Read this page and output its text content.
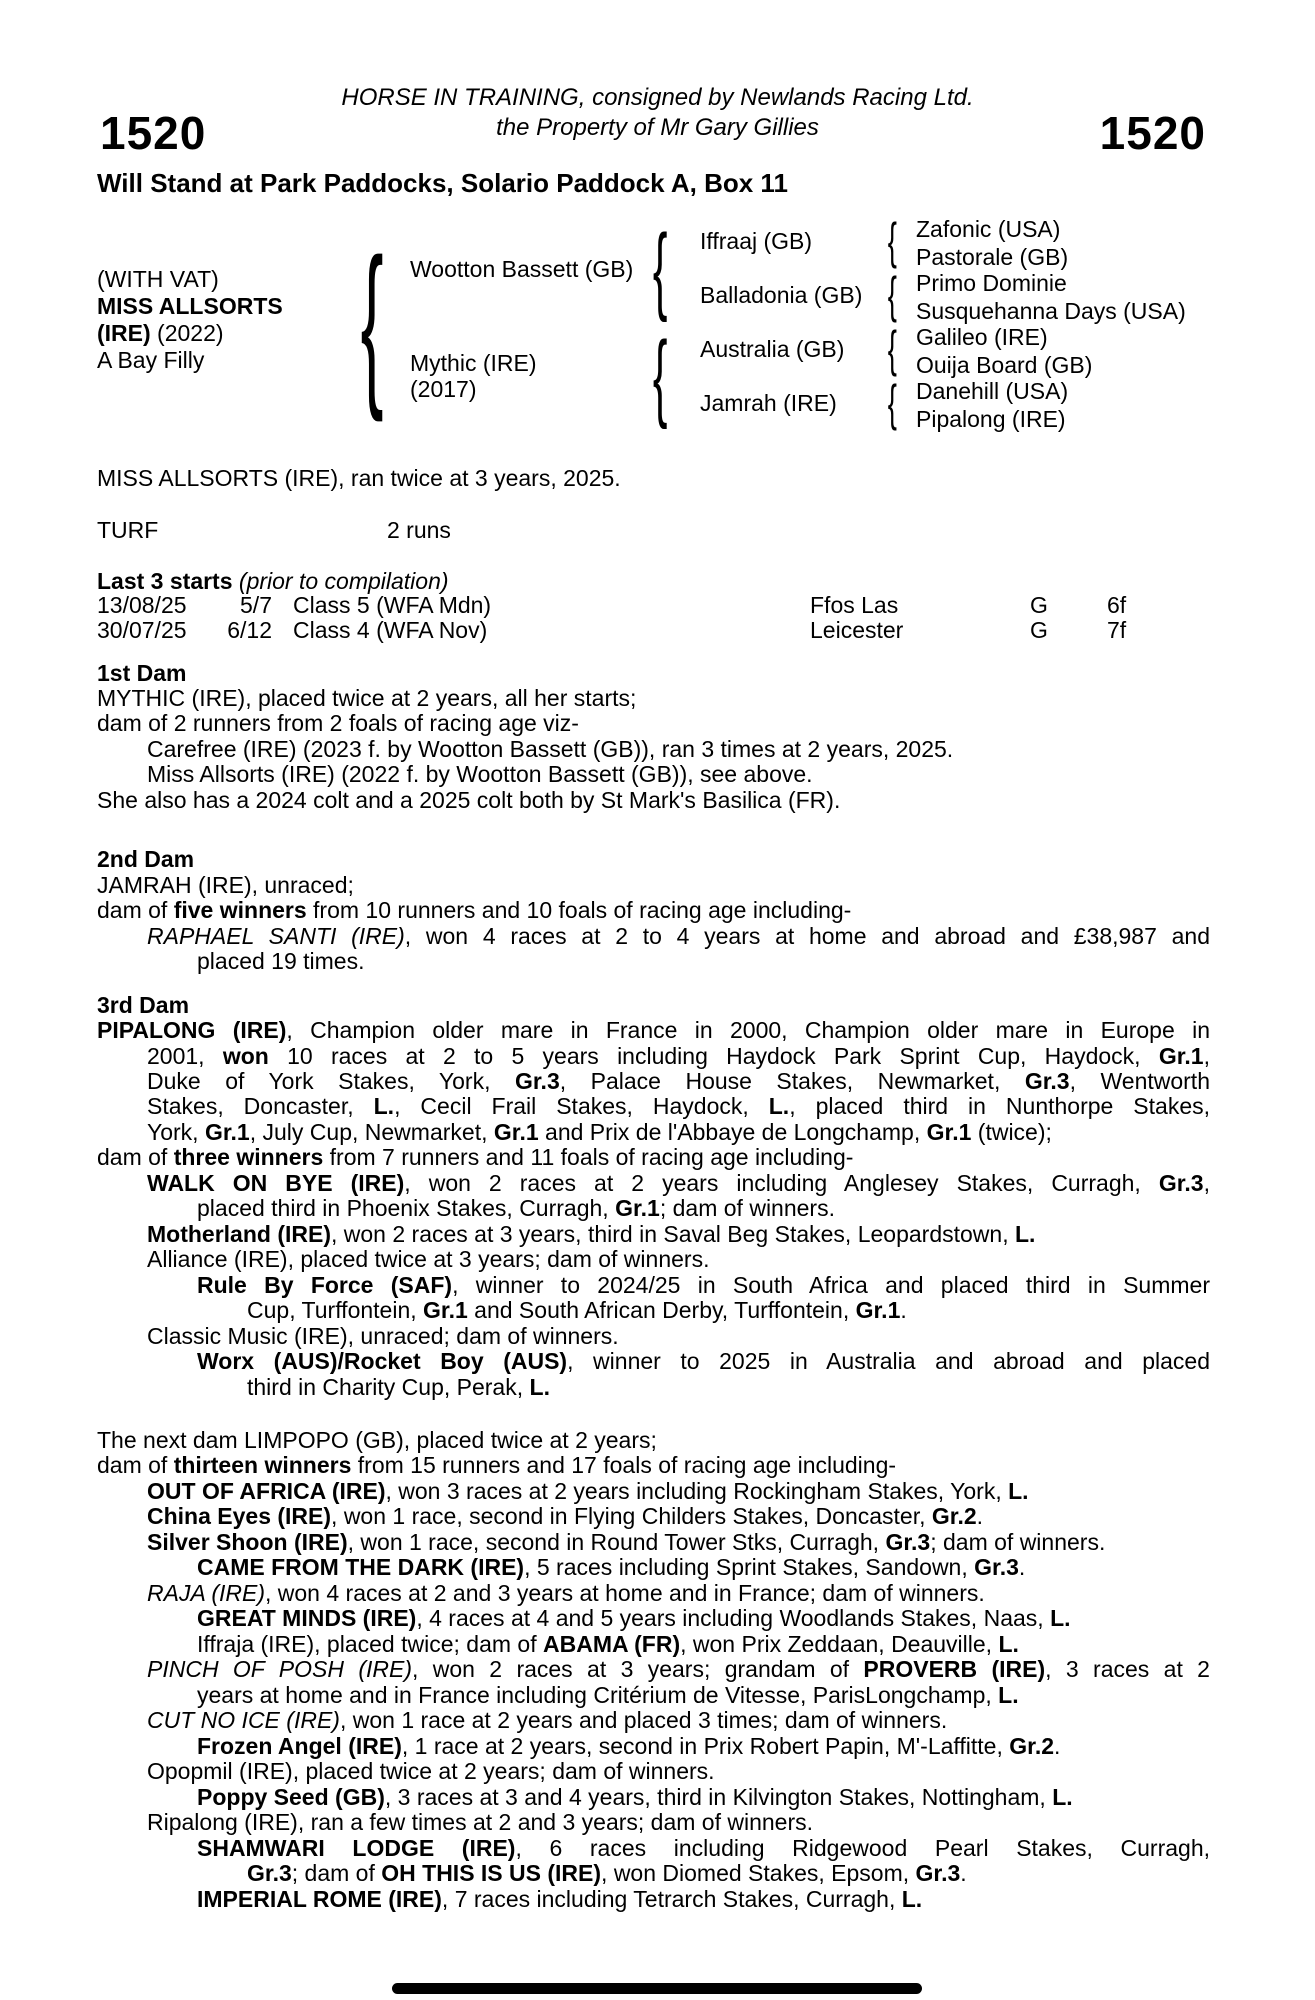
HORSE IN TRAINING, consigned by Newlands Racing Ltd.
1520	the Property of Mr Gary Gillies	1520
Will Stand at Park Paddocks, Solario Paddock A, Box 11
(WITH VAT)
MISS ALLSORTS
(IRE) (2022)
A Bay Filly { Wootton Bassett (GB)
Mythic (IRE)
(2017)
{
{
Iffraaj (GB)
Balladonia (GB)
Australia (GB)
Jamrah (IRE)
{
{
{
{
Zafonic (USA)
Pastorale (GB)
Primo Dominie
Susquehanna Days (USA)
Galileo (IRE)
Ouija Board (GB)
Danehill (USA)
Pipalong (IRE)
MISS ALLSORTS (IRE), ran twice at 3 years, 2025.
TURF	2 runs
Last 3 starts (prior to compilation)
13/08/25	5/7 Class 5 (WFA Mdn)	Ffos Las	G	6f
30/07/25	6/12 Class 4 (WFA Nov)	Leicester	G	7f
1st Dam
MYTHIC (IRE), placed twice at 2 years, all her starts;
dam of 2 runners from 2 foals of racing age viz-
Carefree (IRE) (2023 f. by Wootton Bassett (GB)), ran 3 times at 2 years, 2025.
Miss Allsorts (IRE) (2022 f. by Wootton Bassett (GB)), see above.
She also has a 2024 colt and a 2025 colt both by St Mark's Basilica (FR).
2nd Dam
JAMRAH (IRE), unraced;
dam of five winners from 10 runners and 10 foals of racing age including-
RAPHAEL SANTI (IRE), won 4 races at 2 to 4 years at home and abroad and £38,987 and
placed 19 times.
3rd Dam
PIPALONG (IRE), Champion older mare in France in 2000, Champion older mare in Europe in
2001, won 10 races at 2 to 5 years including Haydock Park Sprint Cup, Haydock, Gr.1,
Duke of York Stakes, York, Gr.3, Palace House Stakes, Newmarket, Gr.3, Wentworth
Stakes, Doncaster, L., Cecil Frail Stakes, Haydock, L., placed third in Nunthorpe Stakes,
York, Gr.1, July Cup, Newmarket, Gr.1 and Prix de l'Abbaye de Longchamp, Gr.1 (twice);
dam of three winners from 7 runners and 11 foals of racing age including-
WALK ON BYE (IRE), won 2 races at 2 years including Anglesey Stakes, Curragh, Gr.3,
placed third in Phoenix Stakes, Curragh, Gr.1; dam of winners.
Motherland (IRE), won 2 races at 3 years, third in Saval Beg Stakes, Leopardstown, L.
Alliance (IRE), placed twice at 3 years; dam of winners.
Rule By Force (SAF), winner to 2024/25 in South Africa and placed third in Summer
Cup, Turffontein, Gr.1 and South African Derby, Turffontein, Gr.1.
Classic Music (IRE), unraced; dam of winners.
Worx (AUS)/Rocket Boy (AUS), winner to 2025 in Australia and abroad and placed
third in Charity Cup, Perak, L.
The next dam LIMPOPO (GB), placed twice at 2 years;
dam of thirteen winners from 15 runners and 17 foals of racing age including-
OUT OF AFRICA (IRE), won 3 races at 2 years including Rockingham Stakes, York, L.
China Eyes (IRE), won 1 race, second in Flying Childers Stakes, Doncaster, Gr.2.
Silver Shoon (IRE), won 1 race, second in Round Tower Stks, Curragh, Gr.3; dam of winners.
CAME FROM THE DARK (IRE), 5 races including Sprint Stakes, Sandown, Gr.3.
RAJA (IRE), won 4 races at 2 and 3 years at home and in France; dam of winners.
GREAT MINDS (IRE), 4 races at 4 and 5 years including Woodlands Stakes, Naas, L.
Iffraja (IRE), placed twice; dam of ABAMA (FR), won Prix Zeddaan, Deauville, L.
PINCH OF POSH (IRE), won 2 races at 3 years; grandam of PROVERB (IRE), 3 races at 2
years at home and in France including Critérium de Vitesse, ParisLongchamp, L.
CUT NO ICE (IRE), won 1 race at 2 years and placed 3 times; dam of winners.
Frozen Angel (IRE), 1 race at 2 years, second in Prix Robert Papin, M'-Laffitte, Gr.2.
Opopmil (IRE), placed twice at 2 years; dam of winners.
Poppy Seed (GB), 3 races at 3 and 4 years, third in Kilvington Stakes, Nottingham, L.
Ripalong (IRE), ran a few times at 2 and 3 years; dam of winners.
SHAMWARI LODGE (IRE), 6 races including Ridgewood Pearl Stakes, Curragh,
Gr.3; dam of OH THIS IS US (IRE), won Diomed Stakes, Epsom, Gr.3.
IMPERIAL ROME (IRE), 7 races including Tetrarch Stakes, Curragh, L.
